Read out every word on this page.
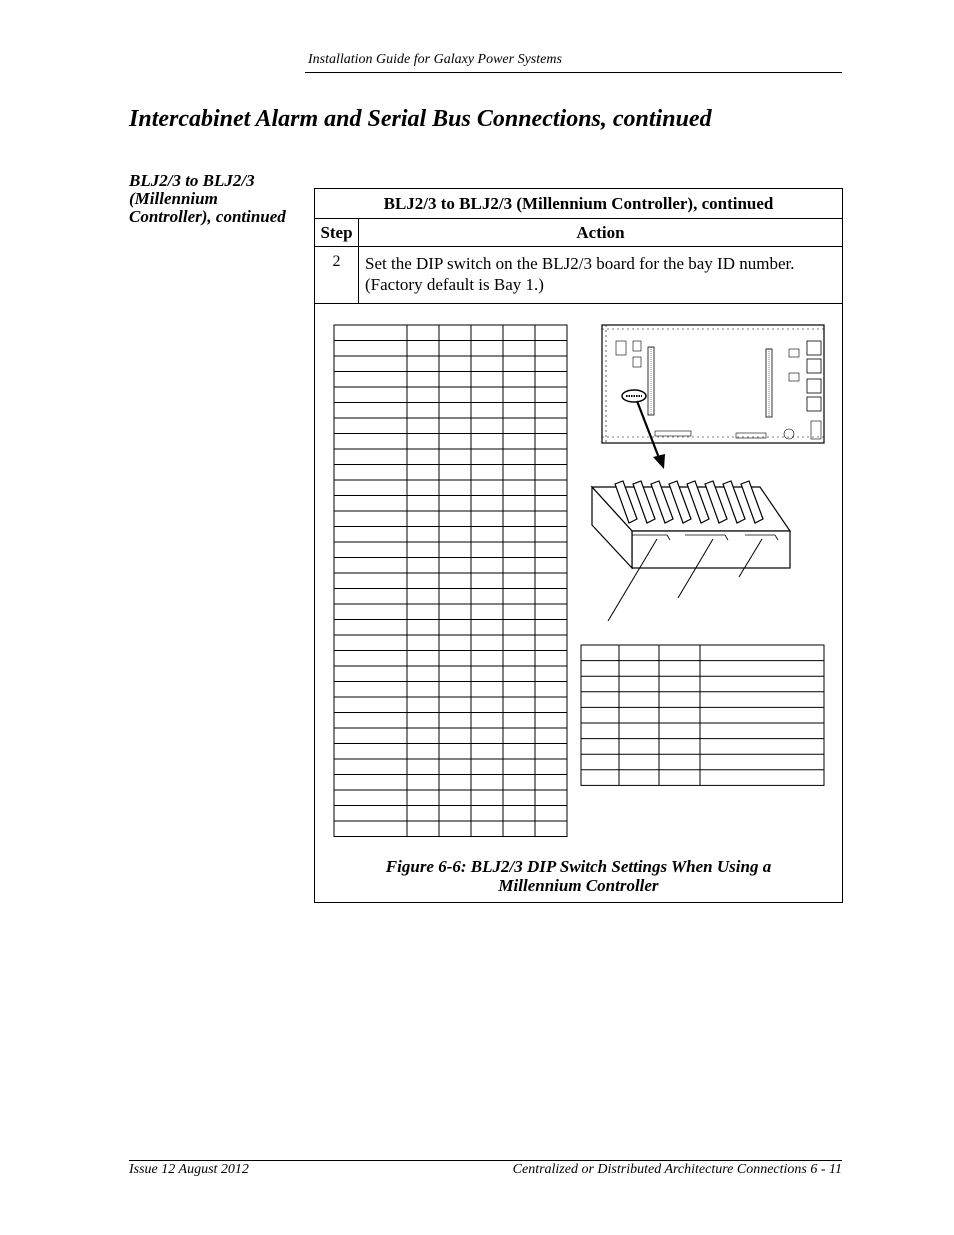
Installation Guide for Galaxy Power Systems
Intercabinet Alarm and Serial Bus Connections, continued
BLJ2/3 to BLJ2/3 (Millennium Controller), continued
BLJ2/3 to BLJ2/3 (Millennium Controller), continued	
Step	Action
2	Set the DIP switch on the BLJ2/3 board for the bay ID number. (Factory default is Bay 1.)
Figure 6-6: BLJ2/3 DIP Switch Settings When Using a
Millennium Controller
Issue 12 August 2012	Centralized or Distributed Architecture Connections 6 - 11
